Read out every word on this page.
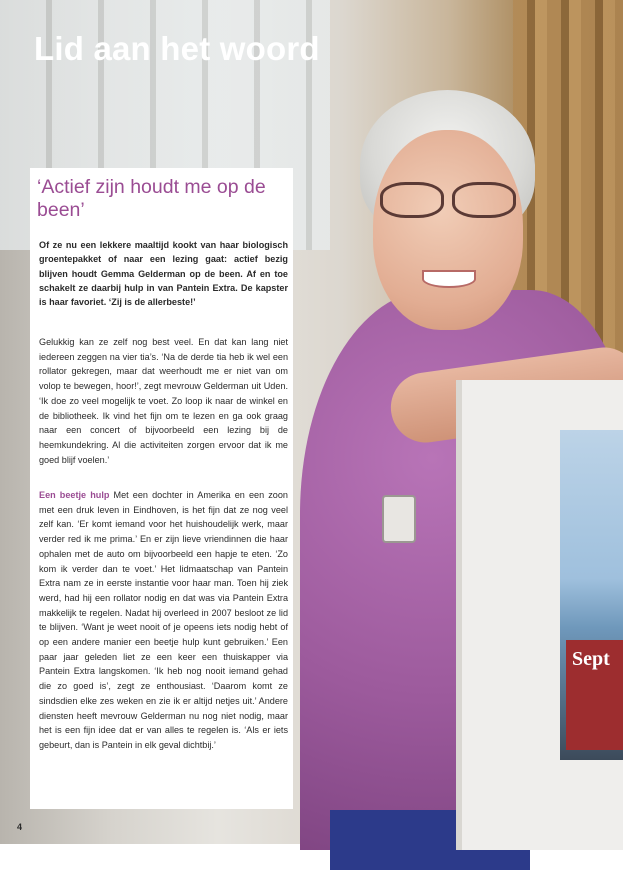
Sept
Lid aan het woord
‘Actief zijn houdt me op de been’

Of ze nu een lekkere maaltijd kookt van haar biologisch groentepakket of naar een lezing gaat: actief bezig blijven houdt Gemma Gelderman op de been. Af en toe schakelt ze daarbij hulp in van Pantein Extra. De kapster is haar favoriet. ‘Zij is de allerbeste!’

Gelukkig kan ze zelf nog best veel. En dat kan lang niet iedereen zeggen na vier tia’s. ‘Na de derde tia heb ik wel een rollator gekregen, maar dat weerhoudt me er niet van om volop te bewegen, hoor!’, zegt mevrouw Gelderman uit Uden. ‘Ik doe zo veel mogelijk te voet. Zo loop ik naar de winkel en de bibliotheek. Ik vind het fijn om te lezen en ga ook graag naar een concert of bijvoorbeeld een lezing bij de heemkundekring. Al die activiteiten zorgen ervoor dat ik me goed blijf voelen.’

Een beetje hulp Met een dochter in Amerika en een zoon met een druk leven in Eindhoven, is het fijn dat ze nog veel zelf kan. ‘Er komt iemand voor het huishoudelijk werk, maar verder red ik me prima.’ En er zijn lieve vriendinnen die haar ophalen met de auto om bijvoorbeeld een hapje te eten. ‘Zo kom ik verder dan te voet.’ Het lidmaatschap van Pantein Extra nam ze in eerste instantie voor haar man. Toen hij ziek werd, had hij een rollator nodig en dat was via Pantein Extra makkelijk te regelen. Nadat hij overleed in 2007 besloot ze lid te blijven. ‘Want je weet nooit of je opeens iets nodig hebt of op een andere manier een beetje hulp kunt gebruiken.’ Een paar jaar geleden liet ze een keer een thuiskapper via Pantein Extra langskomen. ‘Ik heb nog nooit iemand gehad die zo goed is’, zegt ze enthousiast. ‘Daarom komt ze sindsdien elke zes weken en zie ik er altijd netjes uit.’ Andere diensten heeft mevrouw Gelderman nu nog niet nodig, maar het is een fijn idee dat er van alles te regelen is. ‘Als er iets gebeurt, dan is Pantein in elk geval dichtbij.’

4
